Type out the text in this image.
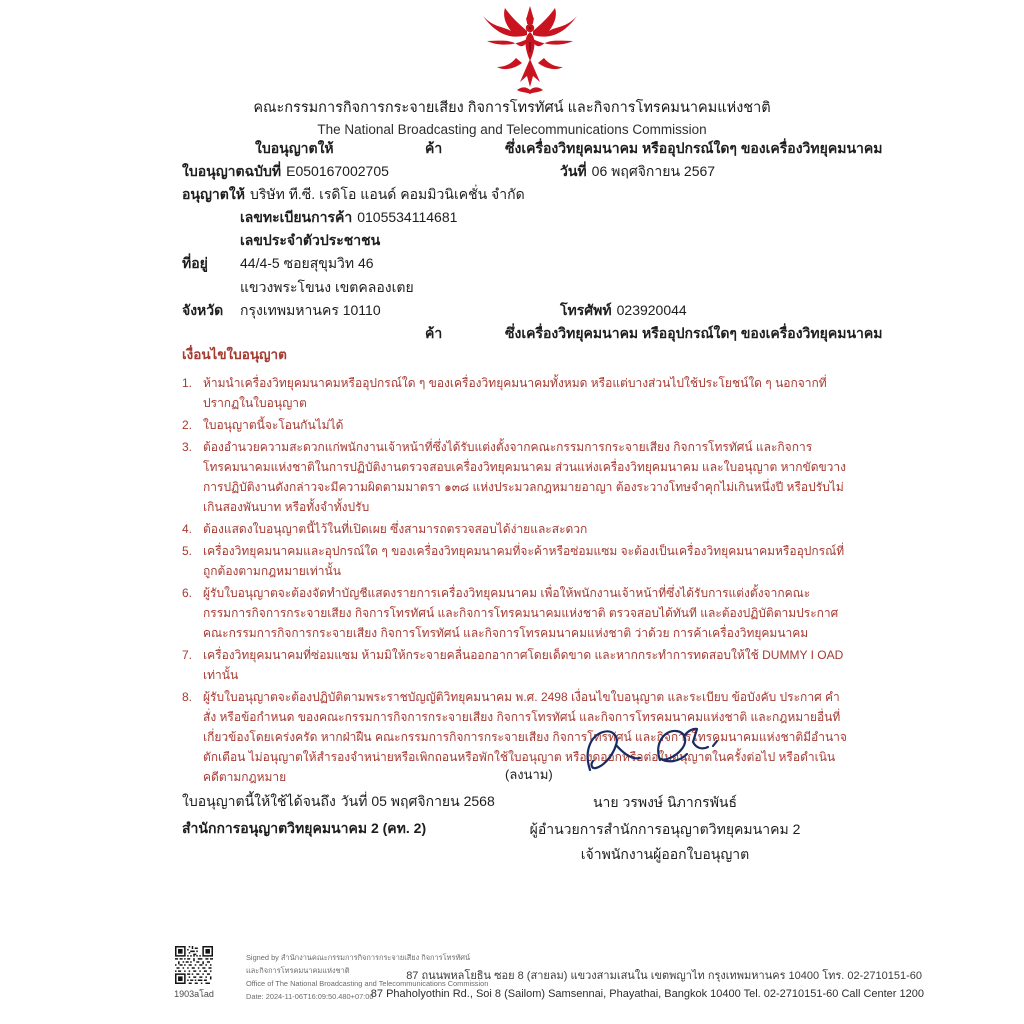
คณะกรรมการกิจการกระจายเสียง กิจการโทรทัศน์ และกิจการโทรคมนาคมแห่งชาติ
The National Broadcasting and Telecommunications Commission
ใบอนุญาตให้	ค้า	ซึ่งเครื่องวิทยุคมนาคม หรืออุปกรณ์ใดๆ ของเครื่องวิทยุคมนาคม
ใบอนุญาตฉบับที่ E050167002705	วันที่ 06 พฤศจิกายน 2567
อนุญาตให้ บริษัท ที.ซี. เรดิโอ แอนด์ คอมมิวนิเคชั่น จำกัด
เลขทะเบียนการค้า 0105534114681
เลขประจำตัวประชาชน
ที่อยู่ 44/4-5 ซอยสุขุมวิท 46
แขวงพระโขนง เขตคลองเตย
จังหวัด กรุงเทพมหานคร 10110	โทรศัพท์ 023920044
ค้า	ซึ่งเครื่องวิทยุคมนาคม หรืออุปกรณ์ใดๆ ของเครื่องวิทยุคมนาคม
เงื่อนไขใบอนุญาต
1. ห้ามนำเครื่องวิทยุคมนาคมหรืออุปกรณ์ใด ๆ ของเครื่องวิทยุคมนาคมทั้งหมด หรือแต่บางส่วนไปใช้ประโยชน์ใด ๆ นอกจากที่ปรากฏในใบอนุญาต
2. ใบอนุญาตนี้จะโอนกันไม่ได้
3. ต้องอำนวยความสะดวกแก่พนักงานเจ้าหน้าที่ซึ่งได้รับแต่งตั้งจากคณะกรรมการกระจายเสียง กิจการโทรทัศน์ และกิจการโทรคมนาคมแห่งชาติในการปฏิบัติงานตรวจสอบเครื่องวิทยุคมนาคม ส่วนแห่งเครื่องวิทยุคมนาคม และใบอนุญาต หากขัดขวางการปฏิบัติงานดังกล่าวจะมีความผิดตามมาตรา ๑๓๘ แห่งประมวลกฎหมายอาญา ต้องระวางโทษจำคุกไม่เกินหนึ่งปี หรือปรับไม่เกินสองพันบาท หรือทั้งจำทั้งปรับ
4. ต้องแสดงใบอนุญาตนี้ไว้ในที่เปิดเผย ซึ่งสามารถตรวจสอบได้ง่ายและสะดวก
5. เครื่องวิทยุคมนาคมและอุปกรณ์ใด ๆ ของเครื่องวิทยุคมนาคมที่จะค้าหรือซ่อมแซม จะต้องเป็นเครื่องวิทยุคมนาคมหรืออุปกรณ์ที่ถูกต้องตามกฎหมายเท่านั้น
6. ผู้รับใบอนุญาตจะต้องจัดทำบัญชีแสดงรายการเครื่องวิทยุคมนาคม เพื่อให้พนักงานเจ้าหน้าที่ซึ่งได้รับการแต่งตั้งจากคณะกรรมการกิจการกระจายเสียง กิจการโทรทัศน์ และกิจการโทรคมนาคมแห่งชาติ ตรวจสอบได้ทันที และต้องปฏิบัติตามประกาศ คณะกรรมการกิจการกระจายเสียง กิจการโทรทัศน์ และกิจการโทรคมนาคมแห่งชาติ ว่าด้วย การค้าเครื่องวิทยุคมนาคม
7. เครื่องวิทยุคมนาคมที่ซ่อมแซม ห้ามมิให้กระจายคลื่นออกอากาศโดยเด็ดขาด และหากกระทำการทดสอบให้ใช้ DUMMY I OAD เท่านั้น
8. ผู้รับใบอนุญาตจะต้องปฏิบัติตามพระราชบัญญัติวิทยุคมนาคม พ.ศ. 2498 เงื่อนไขใบอนุญาต และระเบียบ ข้อบังคับ ประกาศ คำสั่ง หรือข้อกำหนด ของคณะกรรมการกิจการกระจายเสียง กิจการโทรทัศน์ และกิจการโทรคมนาคมแห่งชาติ และกฎหมายอื่นที่เกี่ยวข้องโดยเคร่งครัด หากฝ่าฝืน คณะกรรมการกิจการกระจายเสียง กิจการโทรทัศน์ และกิจการโทรคมนาคมแห่งชาติมีอำนาจตักเตือน ไม่อนุญาตให้สำรองจำหน่ายหรือเพิกถอนหรือพักใช้ใบอนุญาต หรืองดออกหรือต่อใบอนุญาตในครั้งต่อไป หรือดำเนินคดีตามกฎหมาย	(ลงนาม)
ใบอนุญาตนี้ให้ใช้ได้จนถึง วันที่ 05 พฤศจิกายน 2568
สำนักการอนุญาตวิทยุคมนาคม 2 (คท. 2)
นาย วรพงษ์ นิภากรพันธ์
ผู้อำนวยการสำนักการอนุญาตวิทยุคมนาคม 2
เจ้าพนักงานผู้ออกใบอนุญาต
1903aโad
Signed by สำนักงานคณะกรรมการกิจการกระจายเสียง กิจการโทรทัศน์
และกิจการโทรคมนาคมแห่งชาติ
Office of The National Broadcasting and Telecommunications Commission
Date: 2024-11-06T16:09:50.480+07:00
87 ถนนพหลโยธิน ซอย 8 (สายลม) แขวงสามเสนใน เขตพญาไท กรุงเทพมหานคร 10400 โทร. 02-2710151-60
87 Phaholyothin Rd., Soi 8 (Sailom) Samsennai, Phayathai, Bangkok 10400 Tel. 02-2710151-60 Call Center 1200
